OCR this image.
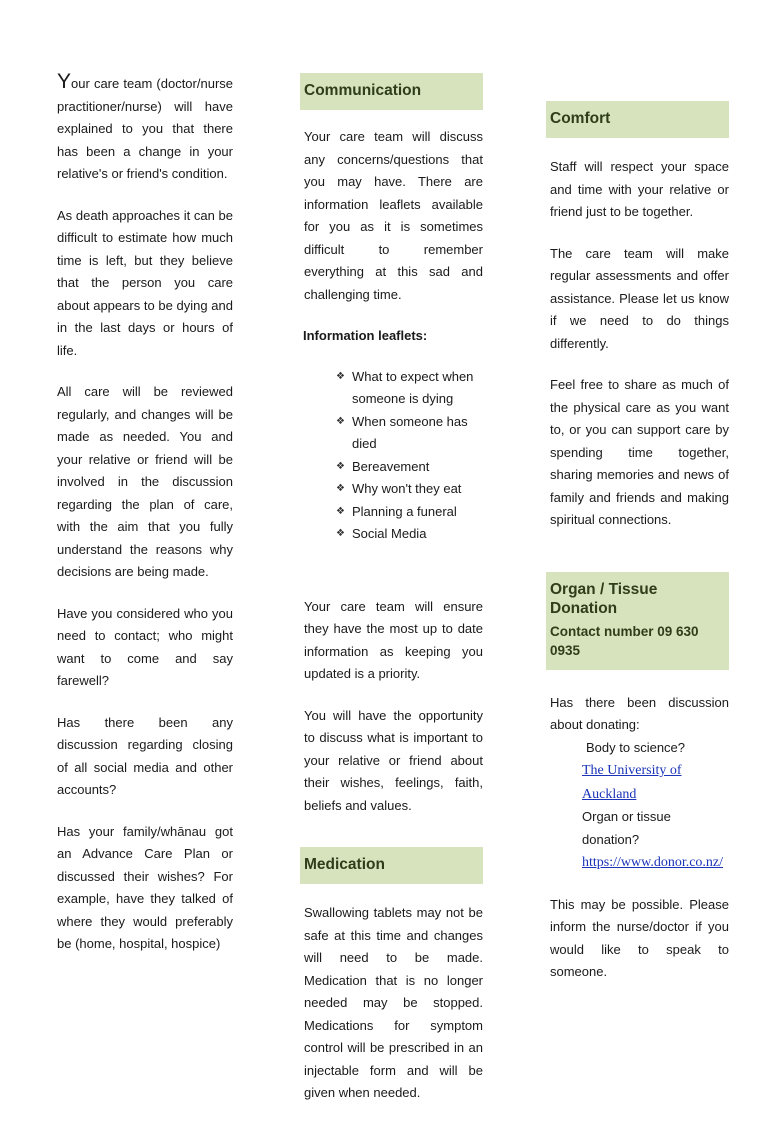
Your care team (doctor/nurse practitioner/nurse) will have explained to you that there has been a change in your relative's or friend's condition.

As death approaches it can be difficult to estimate how much time is left, but they believe that the person you care about appears to be dying and in the last days or hours of life.

All care will be reviewed regularly, and changes will be made as needed. You and your relative or friend will be involved in the discussion regarding the plan of care, with the aim that you fully understand the reasons why decisions are being made.

Have you considered who you need to contact; who might want to come and say farewell?

Has there been any discussion regarding closing of all social media and other accounts?

Has your family/whānau got an Advance Care Plan or discussed their wishes? For example, have they talked of where they would preferably be (home, hospital, hospice)

Communication

Your care team will discuss any concerns/questions that you may have. There are information leaflets available for you as it is sometimes difficult to remember everything at this sad and challenging time.

Information leaflets:
❖ What to expect when someone is dying
❖ When someone has died
❖ Bereavement
❖ Why won't they eat
❖ Planning a funeral
❖ Social Media

Your care team will ensure they have the most up to date information as keeping you updated is a priority.

You will have the opportunity to discuss what is important to your relative or friend about their wishes, feelings, faith, beliefs and values.

Medication

Swallowing tablets may not be safe at this time and changes will need to be made. Medication that is no longer needed may be stopped. Medications for symptom control will be prescribed in an injectable form and will be given when needed.

Comfort

Staff will respect your space and time with your relative or friend just to be together.

The care team will make regular assessments and offer assistance. Please let us know if we need to do things differently.

Feel free to share as much of the physical care as you want to, or you can support care by spending time together, sharing memories and news of family and friends and making spiritual connections.

Organ / Tissue Donation
Contact number 09 630 0935

Has there been discussion about donating:

Body to science?
The University of Auckland
Organ or tissue donation?
https://www.donor.co.nz/

This may be possible. Please inform the nurse/doctor if you would like to speak to someone.
